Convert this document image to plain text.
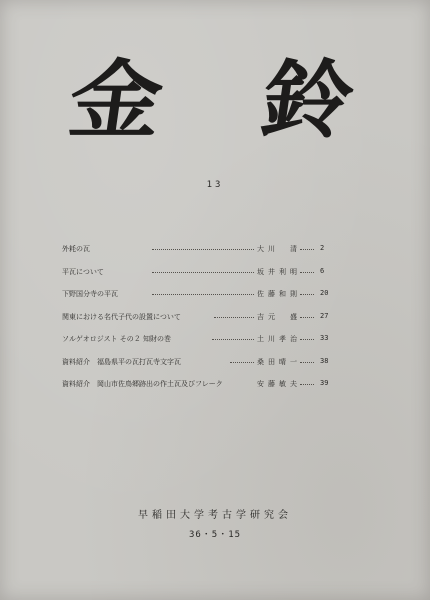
金 鈴
13
外耗の瓦	大川　清	2
平瓦について	坂井利明	6
下野国分寺の平瓦	佐藤和則	20
関東における名代子代の設置について	吉元　盛	27
ソルゲオロジスト その２ 知財の巻	土川孝治	33
資料紹介　福島県平の瓦打瓦寺文字瓦	桑田晴一	38
資料紹介　岡山市佐鳥郷跡出の作土瓦及びフレーク	安藤敏夫	39
早稲田大学考古学研究会
36・5・15
